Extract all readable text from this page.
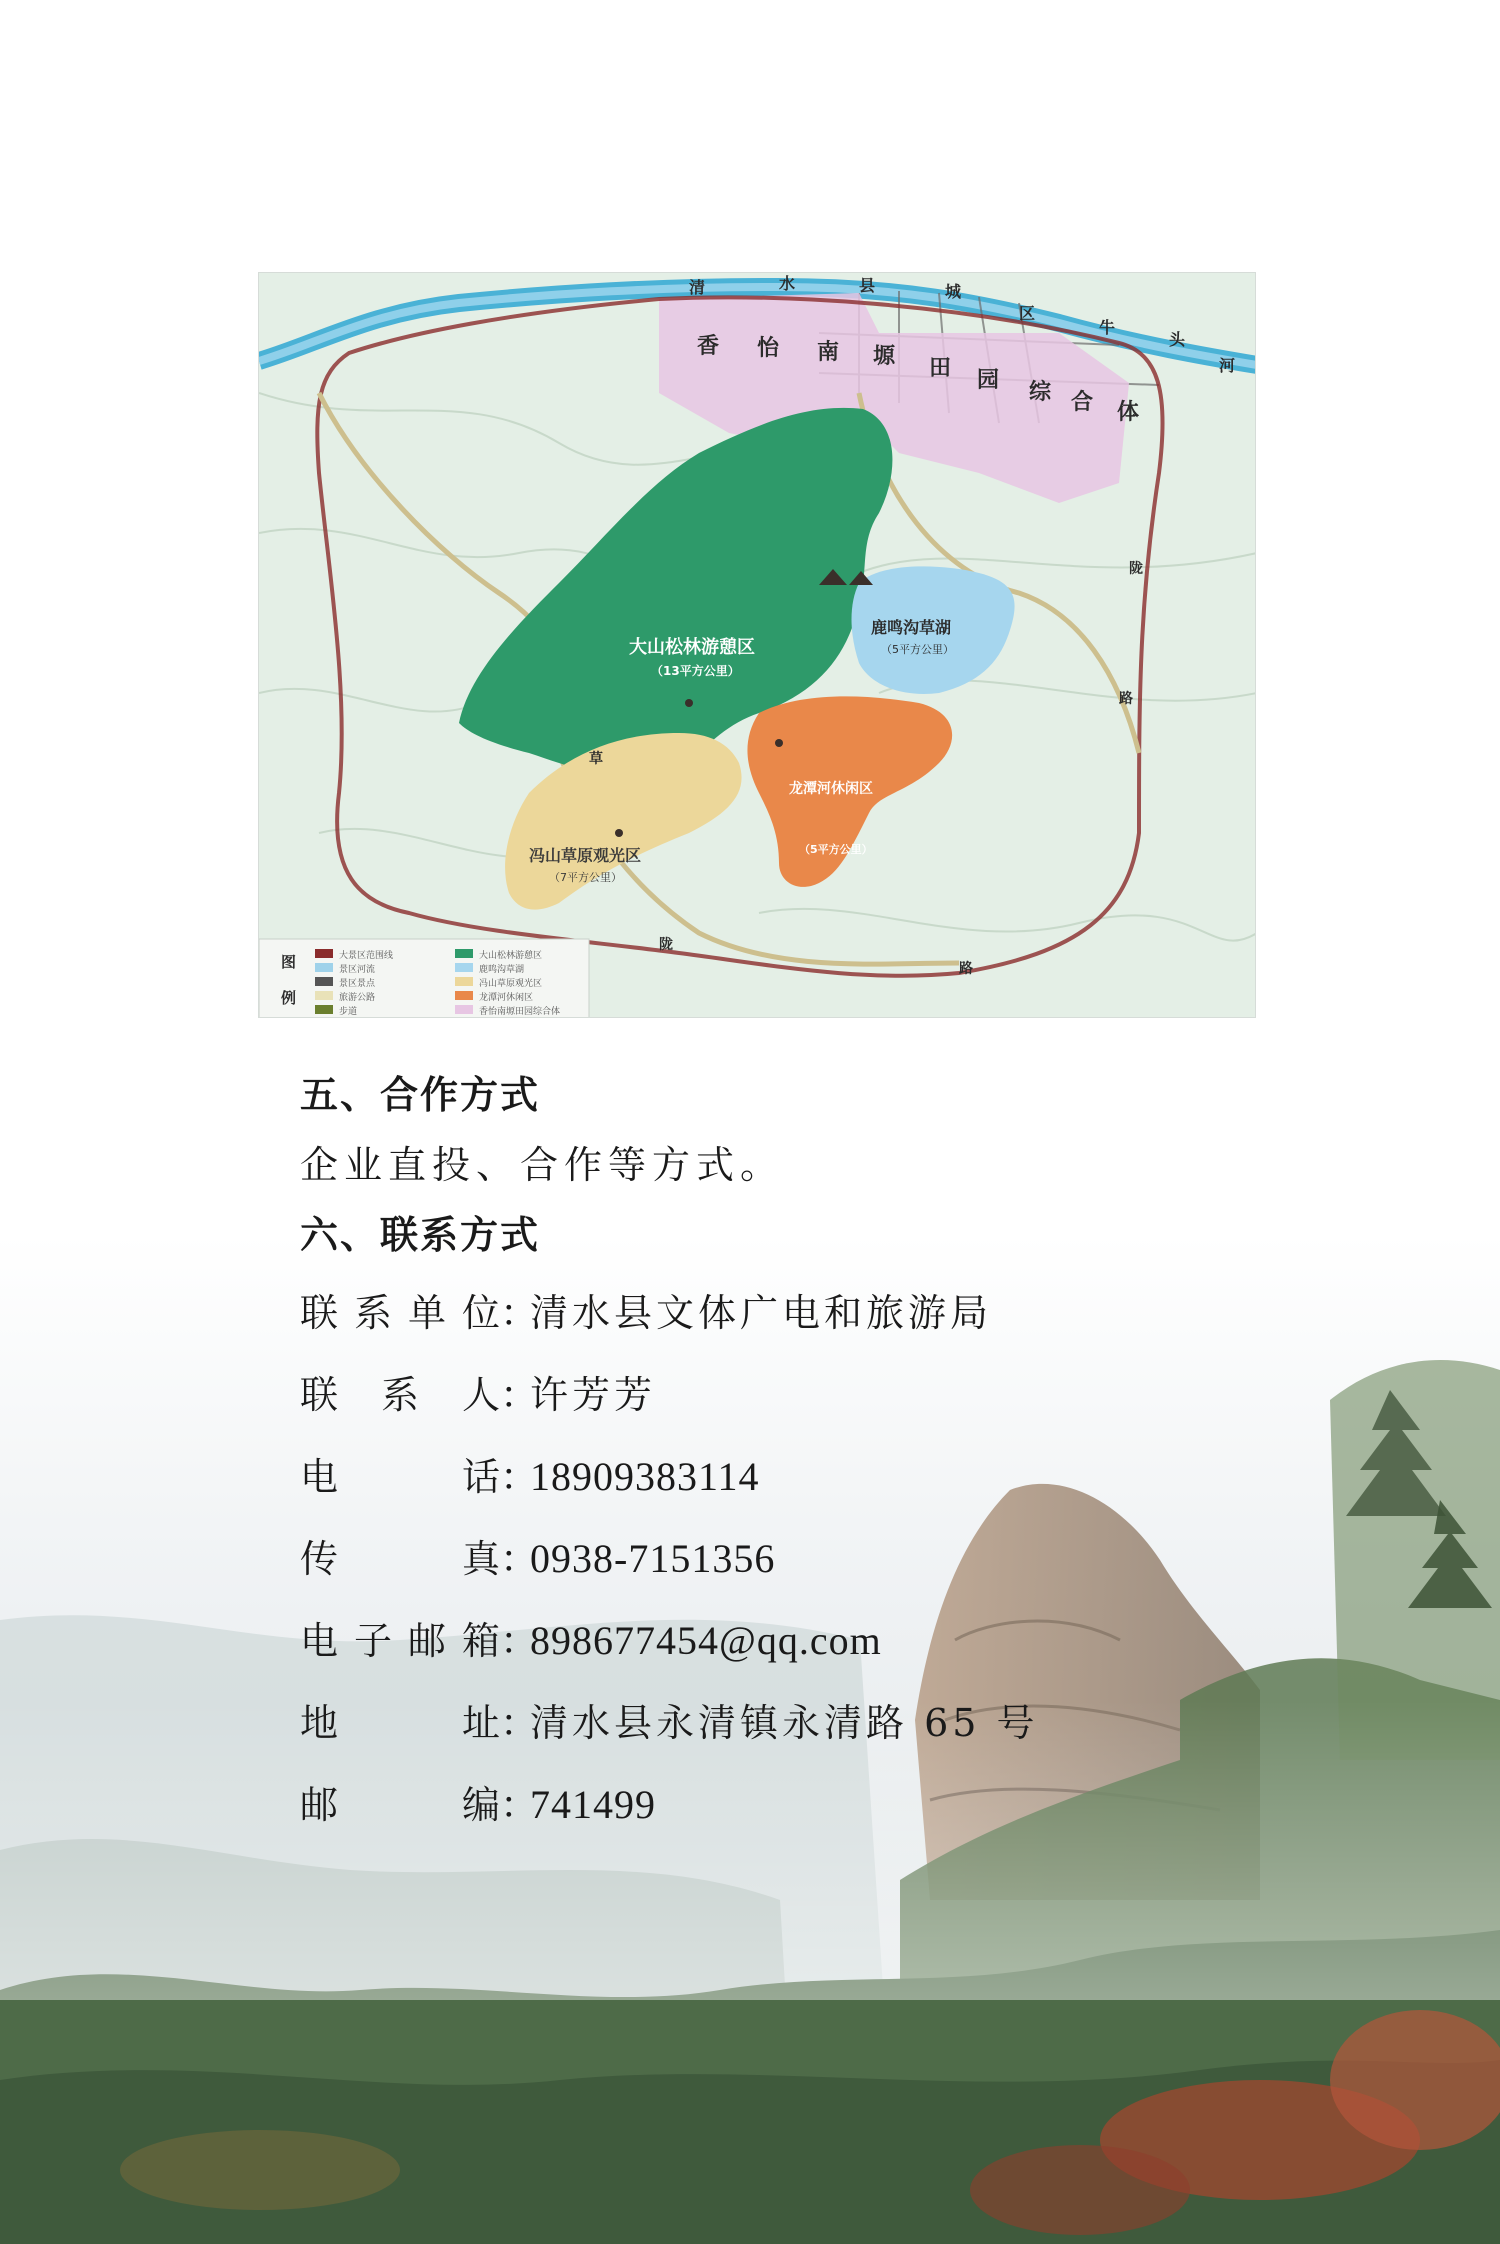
清	水	县	城
区
牛
头
河
香 怡 南 塬 田 园 综 合 体
大山松林游憩区
（13平方公里）
鹿鸣沟草湖
（5平方公里）
冯山草原观光区
（7平方公里）
龙潭河休闲区
（5平方公里）
陇
草
路
陇
路
图
例
大景区范围线
景区河流
景区景点
旅游公路
步道
大山松林游憩区
鹿鸣沟草湖
冯山草原观光区
龙潭河休闲区
香怡南塬田园综合体
五、合作方式
企业直投、合作等方式。
六、联系方式
联 系 单 位 ：
清水县文体广电和旅游局
联 系 人 ：
许芳芳
电	话 ：
18909383114
传	真 ：
0938-7151356
电 子 邮 箱 ：
898677454@qq.com
地	址 ：
清水县永清镇永清路 65 号
邮	编 ：
741499
